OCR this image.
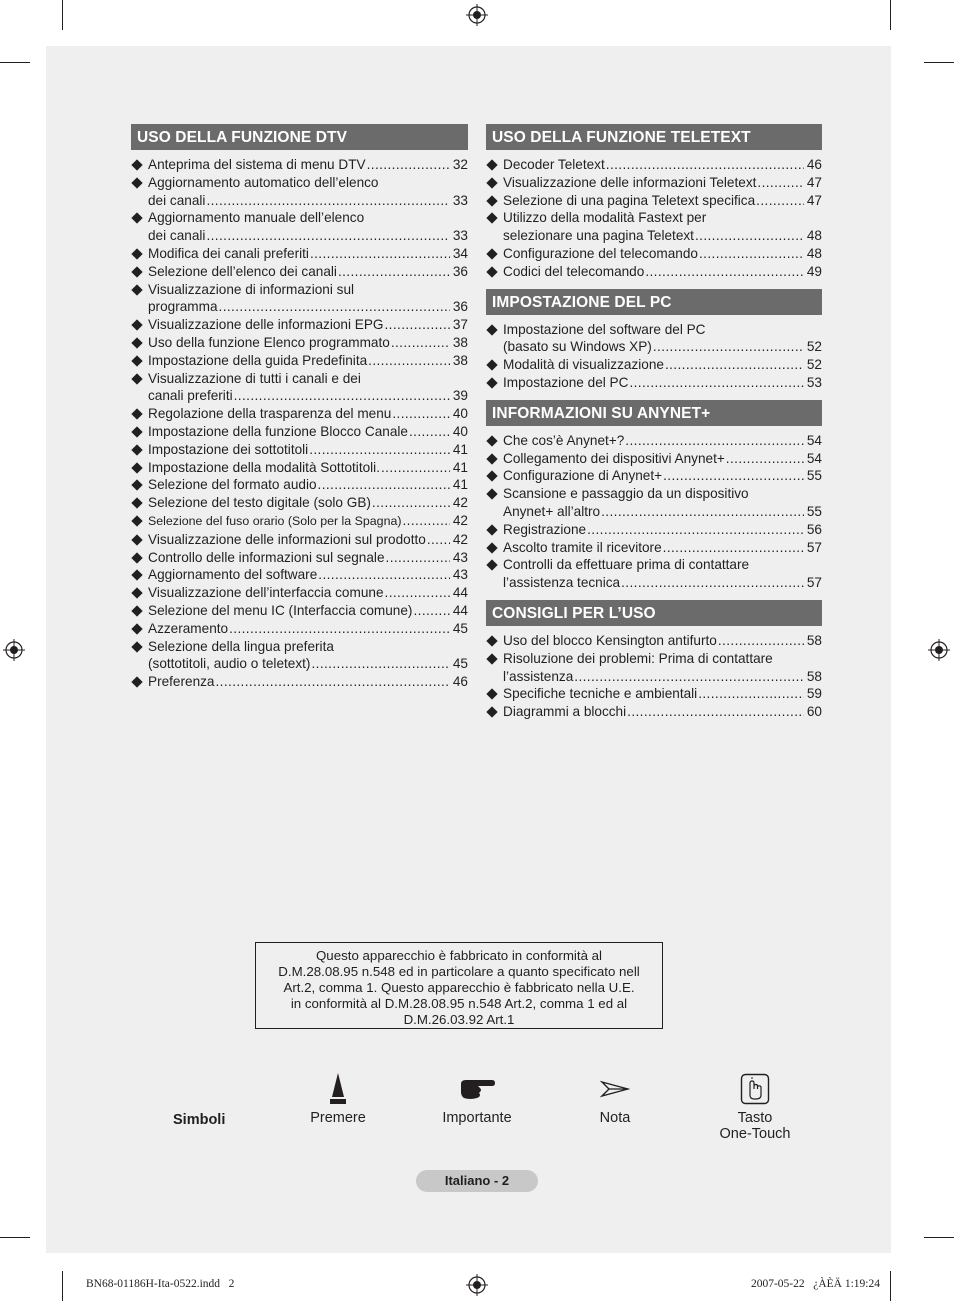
USO DELLA FUNZIONE DTV
Anteprima del sistema di menu DTV .....	32
Aggiornamento automatico dell’elenco
dei canali .....	33
Aggiornamento manuale dell’elenco
dei canali .....	33
Modifica dei canali preferiti .....	34
Selezione dell’elenco dei canali .....	36
Visualizzazione di informazioni sul
programma .....	36
Visualizzazione delle informazioni EPG .....	37
Uso della funzione Elenco programmato .....	38
Impostazione della guida Predefinita .....	38
Visualizzazione di tutti i canali e dei
canali preferiti .....	39
Regolazione della trasparenza del menu .....	40
Impostazione della funzione Blocco Canale .....	40
Impostazione dei sottotitoli .....	41
Impostazione della modalità Sottotitoli. .....	41
Selezione del formato audio .....	41
Selezione del testo digitale (solo GB) .....	42
Selezione del fuso orario (Solo per la Spagna) .....	42
Visualizzazione delle informazioni sul prodotto ..... 42
Controllo delle informazioni sul segnale .....	43
Aggiornamento del software .....	43
Visualizzazione dell’interfaccia comune .....	44
Selezione del menu IC (Interfaccia comune) .....	44
Azzeramento .....	45
Selezione della lingua preferita
(sottotitoli, audio o teletext) .....	45
Preferenza .....	46
USO DELLA FUNZIONE TELETEXT
Decoder Teletext .....	46
Visualizzazione delle informazioni Teletext .....	47
Selezione di una pagina Teletext specifica .....	47
Utilizzo della modalità Fastext per
selezionare una pagina Teletext .....	48
Configurazione del telecomando .....	48
Codici del telecomando .....	49
IMPOSTAZIONE DEL PC
Impostazione del software del PC
(basato su Windows XP) .....	52
Modalità di visualizzazione .....	52
Impostazione del PC .....	53
INFORMAZIONI SU ANYNET+
Che cos’è Anynet+? .....	54
Collegamento dei dispositivi Anynet+ .....	54
Configurazione di Anynet+ .....	55
Scansione e passaggio da un dispositivo
Anynet+ all’altro .....	55
Registrazione .....	56
Ascolto tramite il ricevitore .....	57
Controlli da effettuare prima di contattare
l’assistenza tecnica .....	57
CONSIGLI PER L’USO
Uso del blocco Kensington antifurto .....	58
Risoluzione dei problemi: Prima di contattare
l’assistenza .....	58
Specifiche tecniche e ambientali .....	59
Diagrammi a blocchi .....	60
Questo apparecchio è fabbricato in conformità al
D.M.28.08.95 n.548 ed in particolare a quanto specificato nell
Art.2, comma 1. Questo apparecchio è fabbricato nella U.E.
in conformità al D.M.28.08.95 n.548 Art.2, comma 1 ed al
D.M.26.03.92 Art.1
Simboli	Premere	Importante	Nota	Tasto
One-Touch
Italiano - 2
BN68-01186H-Ita-0522.indd   2	2007-05-22   ¿ÀÈÄ 1:19:24
